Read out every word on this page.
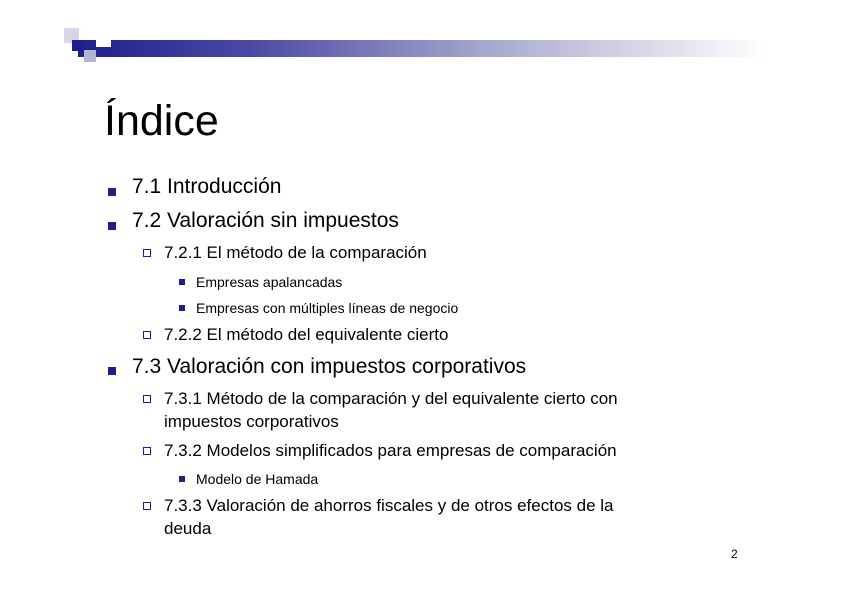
Índice
7.1 Introducción
7.2 Valoración sin impuestos
7.2.1 El método de la comparación
Empresas apalancadas
Empresas con múltiples líneas de negocio
7.2.2 El método del equivalente cierto
7.3 Valoración con impuestos corporativos
7.3.1 Método de la comparación y del equivalente cierto con
impuestos corporativos
7.3.2 Modelos simplificados para empresas de comparación
Modelo de Hamada
7.3.3 Valoración de ahorros fiscales y de otros efectos de la
deuda
2
